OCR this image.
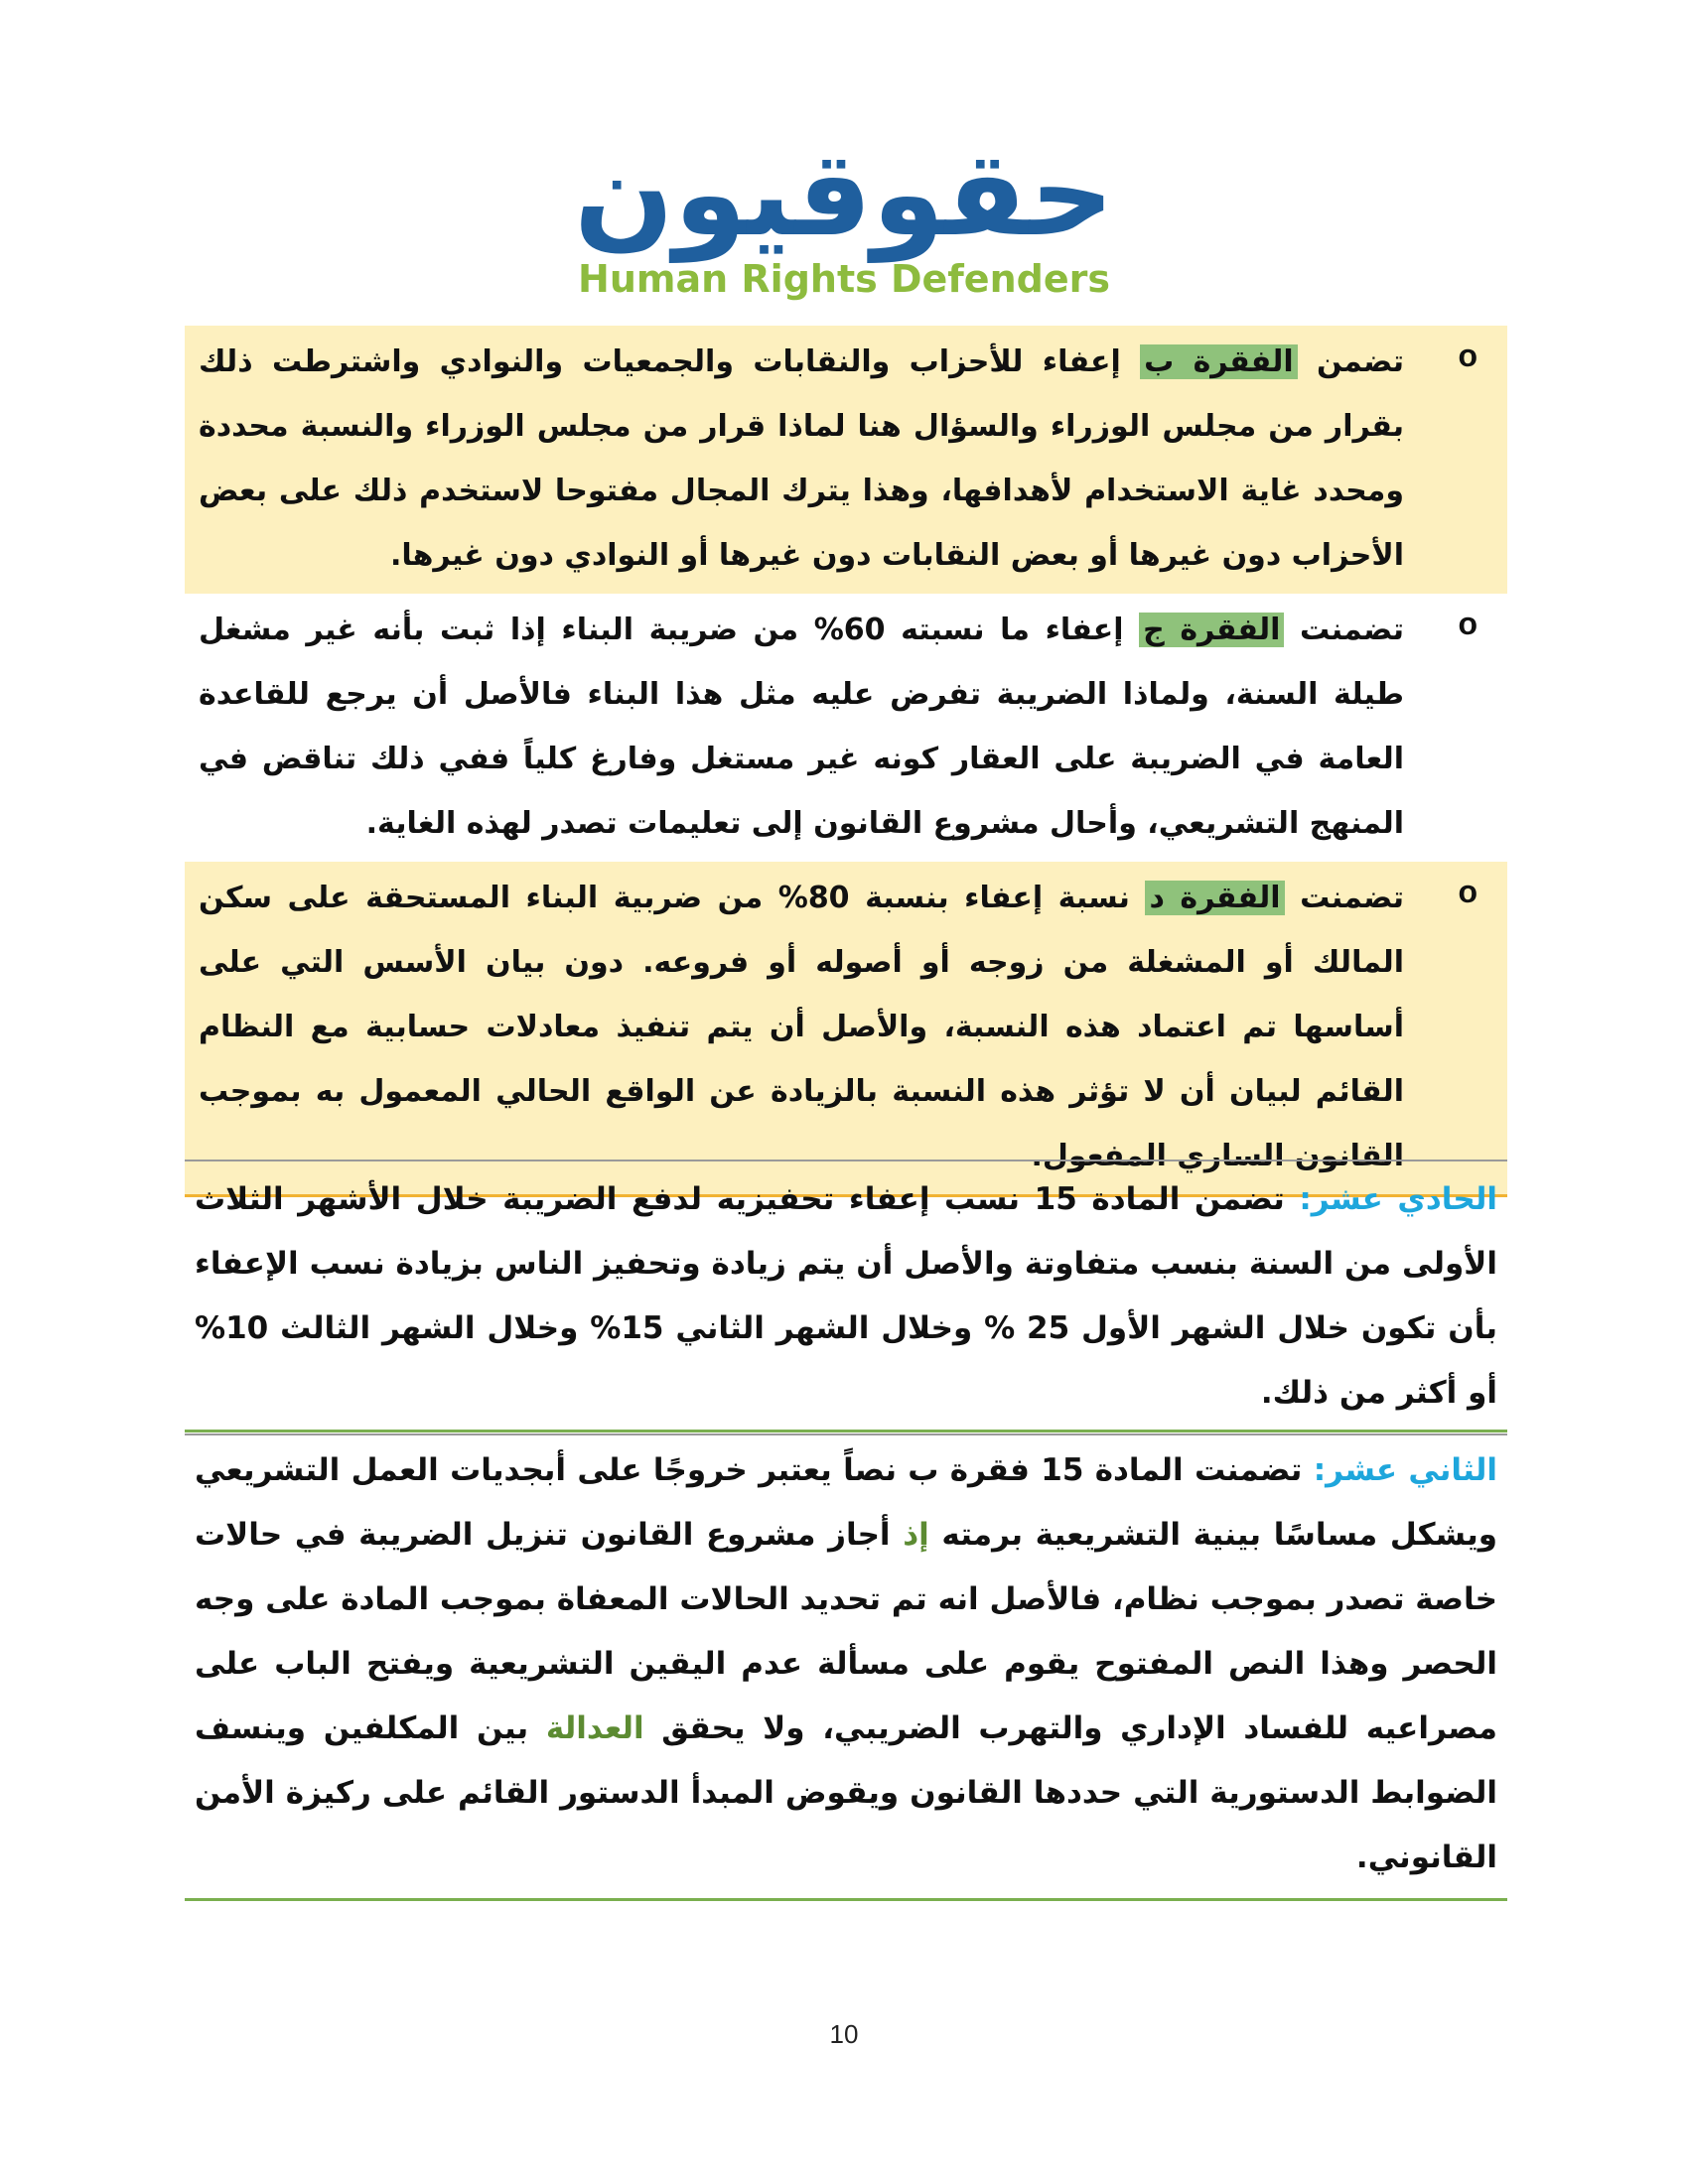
حقوقيون
Human Rights Defenders
o
تضمن الفقرة ب إعفاء للأحزاب والنقابات والجمعيات والنوادي واشترطت ذلك بقرار من مجلس الوزراء والسؤال هنا لماذا قرار من مجلس الوزراء والنسبة محددة ومحدد غاية الاستخدام لأهدافها، وهذا يترك المجال مفتوحا لاستخدم ذلك على بعض الأحزاب دون غيرها أو بعض النقابات دون غيرها أو النوادي دون غيرها.
o
تضمنت الفقرة ج إعفاء ما نسبته 60% من ضريبة البناء إذا ثبت بأنه غير مشغل طيلة السنة، ولماذا الضريبة تفرض عليه مثل هذا البناء فالأصل أن يرجع للقاعدة العامة في الضريبة على العقار كونه غير مستغل وفارغ كلياً ففي ذلك تناقض في المنهج التشريعي، وأحال مشروع القانون إلى تعليمات تصدر لهذه الغاية.
o
تضمنت الفقرة د نسبة إعفاء بنسبة 80% من ضربية البناء المستحقة على سكن المالك أو المشغلة من زوجه أو أصوله أو فروعه. دون بيان الأسس التي على أساسها تم اعتماد هذه النسبة، والأصل أن يتم تنفيذ معادلات حسابية مع النظام القائم لبيان أن لا تؤثر هذه النسبة بالزيادة عن الواقع الحالي المعمول به بموجب القانون الساري المفعول.
الحادي عشر: تضمن المادة 15 نسب إعفاء تحفيزيه لدفع الضريبة خلال الأشهر الثلاث الأولى من السنة بنسب متفاوتة والأصل أن يتم زيادة وتحفيز الناس بزيادة نسب الإعفاء بأن تكون خلال الشهر الأول 25 % وخلال الشهر الثاني 15% وخلال الشهر الثالث 10% أو أكثر من ذلك.
الثاني عشر: تضمنت المادة 15 فقرة ب نصاً يعتبر خروجًا على أبجديات العمل التشريعي ويشكل مساسًا بينية التشريعية برمته إذ أجاز مشروع القانون تنزيل الضريبة في حالات خاصة تصدر بموجب نظام، فالأصل انه تم تحديد الحالات المعفاة بموجب المادة على وجه الحصر وهذا النص المفتوح يقوم على مسألة عدم اليقين التشريعية ويفتح الباب على مصراعيه للفساد الإداري والتهرب الضريبي، ولا يحقق العدالة بين المكلفين وينسف الضوابط الدستورية التي حددها القانون ويقوض المبدأ الدستور القائم على ركيزة الأمن القانوني.
10
